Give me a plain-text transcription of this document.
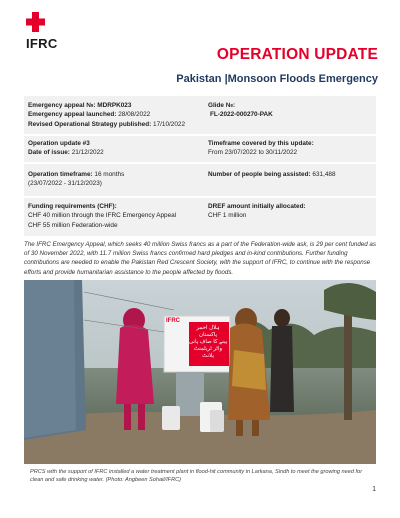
IFRC
OPERATION UPDATE
Pakistan |Monsoon Floods Emergency
Emergency appeal №: MDRPK023
Emergency appeal launched: 28/08/2022
Revised Operational Strategy published: 17/10/2022
Glide №:
FL-2022-000270-PAK
Operation update #3
Date of issue: 21/12/2022
Timeframe covered by this update:
From 23/07/2022 to 30/11/2022
Operation timeframe: 16 months
(23/07/2022 - 31/12/2023)
Number of people being assisted: 631,488
Funding requirements (CHF):
CHF 40 million through the IFRC Emergency Appeal
CHF 55 million Federation-wide
DREF amount initially allocated:
CHF 1 million
The IFRC Emergency Appeal, which seeks 40 million Swiss francs as a part of the Federation-wide ask, is 29 per cent funded as of 30 November 2022, with 11.7 million Swiss francs confirmed hard pledges and in-kind contributions. Further funding contributions are needed to enable the Pakistan Red Crescent Society, with the support of IFRC, to continue with the response efforts and provide humanitarian assistance to the people affected by floods.
IFRC
ہلال احمر پاکستان
پینے کا صاف پانی
واٹر ٹریٹمنٹ پلانٹ
PRCS with the support of IFRC installed a water treatment plant in flood-hit community in Larkana, Sindh to meet the growing need for clean and safe drinking water. (Photo: Angbeen Sohail/IFRC)
1
